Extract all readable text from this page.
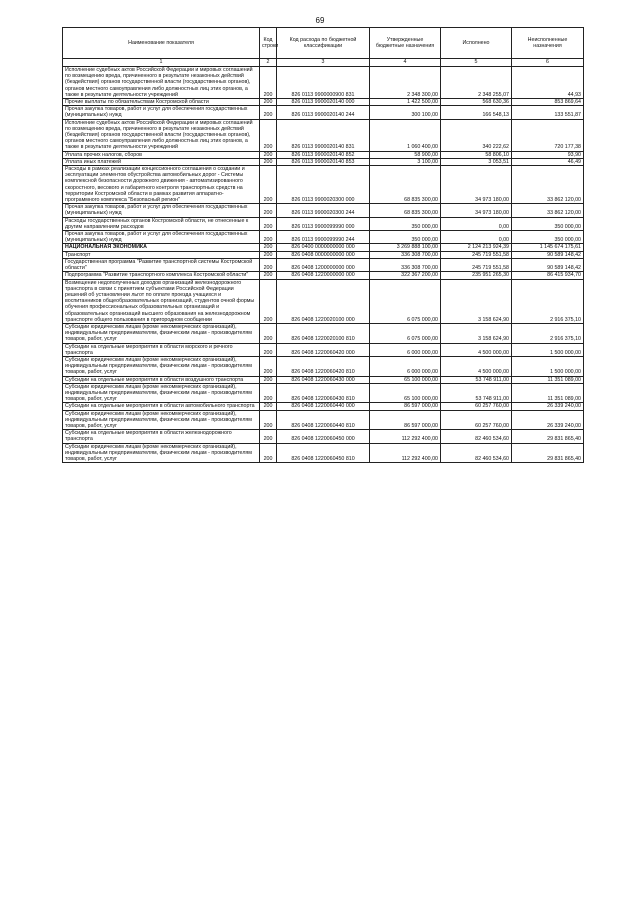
69
Наименование показателя	Код строки	Код расхода по бюджетной классификации	Утвержденные бюджетные назначения	Исполнено	Неисполненные назначения
1	2	3	4	5	6
Исполнение судебных актов Российской Федерации и мировых соглашений по возмещению вреда, причиненного в результате незаконных действий (бездействия) органов государственной власти (государственных органов), органов местного самоуправления либо должностных лиц этих органов, а также в результате деятельности учреждений	200	826 0113 9900000900 831	2 348 300,00	2 348 255,07	44,93
Прочие выплаты по обязательствам Костромской области	200	826 0113 9900020140 000	1 422 500,00	568 630,36	853 869,64
Прочая закупка товаров, работ и услуг для обеспечения государственных (муниципальных) нужд	200	826 0113 9900020140 244	300 100,00	166 548,13	133 551,87
Исполнение судебных актов Российской Федерации и мировых соглашений по возмещению вреда, причиненного в результате незаконных действий (бездействия) органов государственной власти (государственных органов), органов местного самоуправления либо должностных лиц этих органов, а также в результате деятельности учреждений	200	826 0113 9900020140 831	1 060 400,00	340 222,62	720 177,38
Уплата прочих налогов, сборов	200	826 0113 9900020140 852	58 900,00	58 806,10	93,90
Уплата иных платежей	200	826 0113 9900020140 853	3 100,00	3 053,51	46,49
Расходы в рамках реализации концессионного соглашения о создании и эксплуатации элементов обустройства автомобильных дорог - Системы комплексной безопасности дорожного движения - автоматизированного скоростного, весового и габаритного контроля транспортных средств на территории Костромской области в рамках развития аппаратно-программного комплекса "Безопасный регион"	200	826 0113 9900020300 000	68 835 300,00	34 973 180,00	33 862 120,00
Прочая закупка товаров, работ и услуг для обеспечения государственных (муниципальных) нужд	200	826 0113 9900020300 244	68 835 300,00	34 973 180,00	33 862 120,00
Расходы государственных органов Костромской области, не отнесенные к другим направлениям расходов	200	826 0113 9900099990 000	350 000,00	0,00	350 000,00
Прочая закупка товаров, работ и услуг для обеспечения государственных (муниципальных) нужд	200	826 0113 9900099990 244	350 000,00	0,00	350 000,00
НАЦИОНАЛЬНАЯ ЭКОНОМИКА	200	826 0400 0000000000 000	3 269 888 100,00	2 124 213 924,39	1 145 674 175,61
Транспорт	200	826 0408 0000000000 000	336 308 700,00	245 719 551,58	90 589 148,42
Государственная программа "Развитие транспортной системы Костромской области"	200	826 0408 1200000000 000	336 308 700,00	245 719 551,58	90 589 148,42
Подпрограмма "Развитие транспортного комплекса Костромской области"	200	826 0408 1220000000 000	322 367 200,00	235 951 265,30	86 415 934,70
Возмещение недополученных доходов организаций железнодорожного транспорта в связи с принятием субъектами Российской Федерации решений об установлении льгот по оплате проезда учащихся и воспитанников общеобразовательных организаций, студентов очной формы обучения профессиональных образовательных организаций и образовательных организаций высшего образования на железнодорожном транспорте общего пользования в пригородном сообщении	200	826 0408 1220020100 000	6 075 000,00	3 158 624,90	2 916 375,10
Субсидии юридическим лицам (кроме некоммерческих организаций), индивидуальным предпринимателям, физическим лицам - производителям товаров, работ, услуг	200	826 0408 1220020100 810	6 075 000,00	3 158 624,90	2 916 375,10
Субсидии на отдельные мероприятия в области морского и речного транспорта	200	826 0408 1220060420 000	6 000 000,00	4 500 000,00	1 500 000,00
Субсидии юридическим лицам (кроме некоммерческих организаций), индивидуальным предпринимателям, физическим лицам - производителям товаров, работ, услуг	200	826 0408 1220060420 810	6 000 000,00	4 500 000,00	1 500 000,00
Субсидии на отдельные мероприятия в области воздушного транспорта	200	826 0408 1220060430 000	65 100 000,00	53 748 911,00	11 351 089,00
Субсидии юридическим лицам (кроме некоммерческих организаций), индивидуальным предпринимателям, физическим лицам - производителям товаров, работ, услуг	200	826 0408 1220060430 810	65 100 000,00	53 748 911,00	11 351 089,00
Субсидии на отдельные мероприятия в области автомобильного транспорта	200	826 0408 1220060440 000	86 597 000,00	60 257 760,00	26 339 240,00
Субсидии юридическим лицам (кроме некоммерческих организаций), индивидуальным предпринимателям, физическим лицам - производителям товаров, работ, услуг	200	826 0408 1220060440 810	86 597 000,00	60 257 760,00	26 339 240,00
Субсидии на отдельные мероприятия в области железнодорожного транспорта	200	826 0408 1220060450 000	112 292 400,00	82 460 534,60	29 831 865,40
Субсидии юридическим лицам (кроме некоммерческих организаций), индивидуальным предпринимателям, физическим лицам - производителям товаров, работ, услуг	200	826 0408 1220060450 810	112 292 400,00	82 460 534,60	29 831 865,40
